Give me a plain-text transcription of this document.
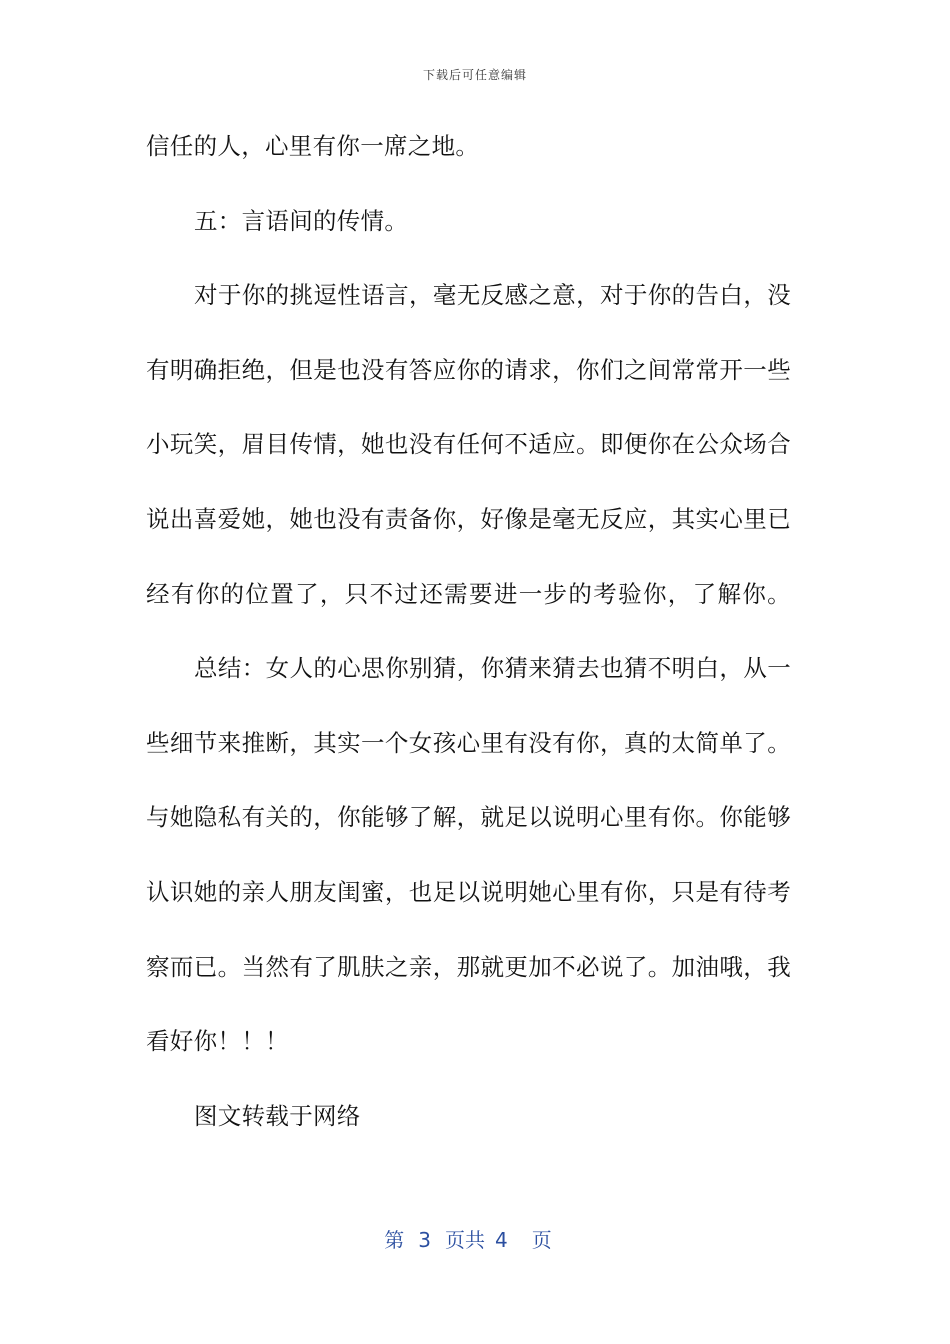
下载后可任意编辑
信任的人，心里有你一席之地。
五：言语间的传情。
对于你的挑逗性语言，毫无反感之意，对于你的告白，没
有明确拒绝，但是也没有答应你的请求，你们之间常常开一些
小玩笑，眉目传情，她也没有任何不适应。即便你在公众场合
说出喜爱她，她也没有责备你，好像是毫无反应，其实心里已
经有你的位置了，只不过还需要进一步的考验你，了解你。
总结：女人的心思你别猜，你猜来猜去也猜不明白，从一
些细节来推断，其实一个女孩心里有没有你，真的太简单了。
与她隐私有关的，你能够了解，就足以说明心里有你。你能够
认识她的亲人朋友闺蜜，也足以说明她心里有你，只是有待考
察而已。当然有了肌肤之亲，那就更加不必说了。加油哦，我
看好你！！！
图文转载于网络
第 3 页共 4 页
